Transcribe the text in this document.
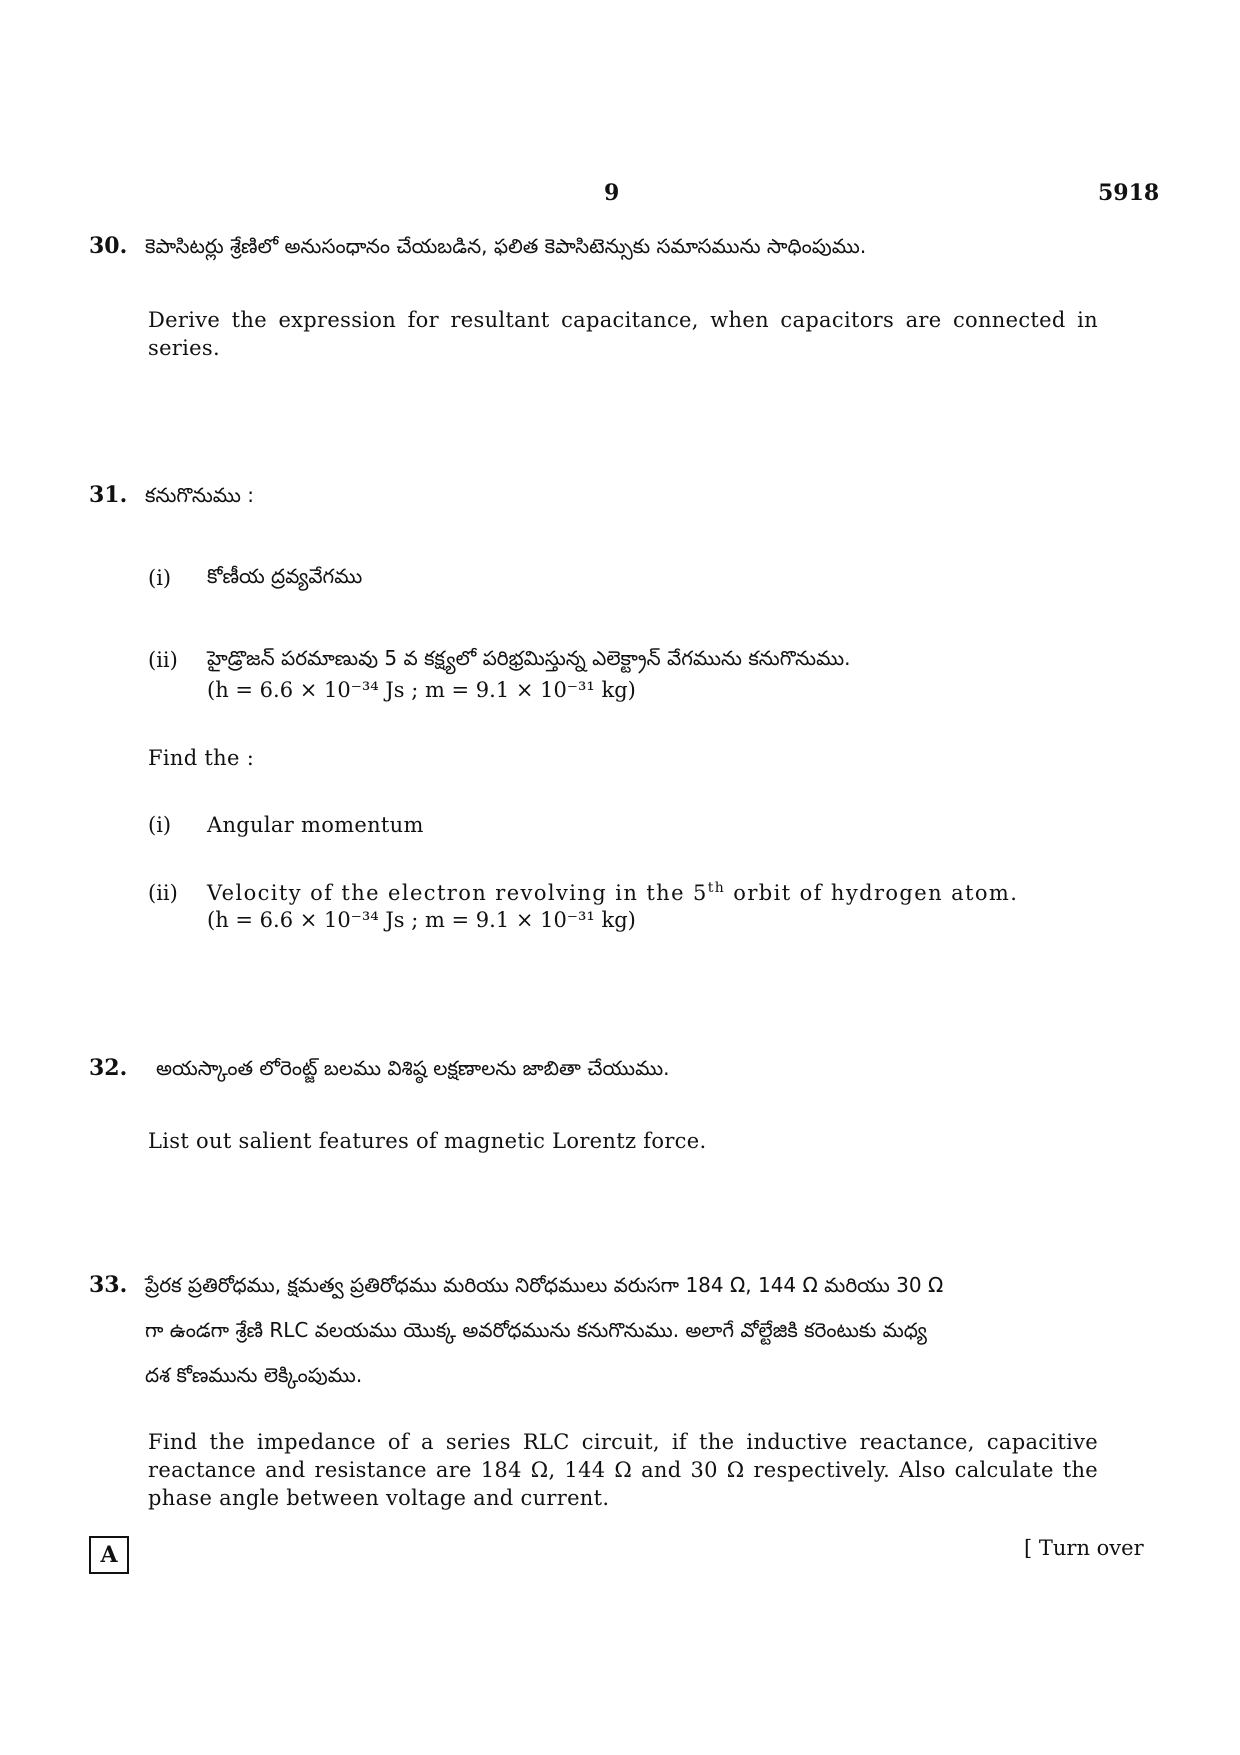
9	5918
30. కెపాసిటర్లు శ్రేణిలో అనుసంధానం చేయబడిన, ఫలిత కెపాసిటెన్సుకు సమాసమును సాధింపుము.
Derive the expression for resultant capacitance, when capacitors are connected in series.
31. కనుగొనుము :
(i) కోణీయ ద్రవ్యవేగము
(ii) హైడ్రొజన్ పరమాణువు 5 వ కక్ష్యలో పరిభ్రమిస్తున్న ఎలెక్ట్రాన్ వేగమును కనుగొనుము.
(h = 6.6 × 10⁻³⁴ Js ; m = 9.1 × 10⁻³¹ kg)
Find the :
(i) Angular momentum
(ii) Velocity of the electron revolving in the 5th orbit of hydrogen atom.
(h = 6.6 × 10⁻³⁴ Js ; m = 9.1 × 10⁻³¹ kg)
32. అయస్కాంత లోరెంట్జ్ బలము విశిష్ఠ లక్షణాలను జాబితా చేయుము.
List out salient features of magnetic Lorentz force.
33. ప్రేరక ప్రతిరోధము, క్షమత్వ ప్రతిరోధము మరియు నిరోధములు వరుసగా 184 Ω, 144 Ω మరియు 30 Ω
గా ఉండగా శ్రేణి RLC వలయము యొక్క అవరోధమును కనుగొనుము. అలాగే వోల్టేజికి కరెంటుకు మధ్య
దశ కోణమును లెక్కింపుము.
Find the impedance of a series RLC circuit, if the inductive reactance, capacitive reactance and resistance are 184 Ω, 144 Ω and 30 Ω respectively. Also calculate the phase angle between voltage and current.
A	[ Turn over
